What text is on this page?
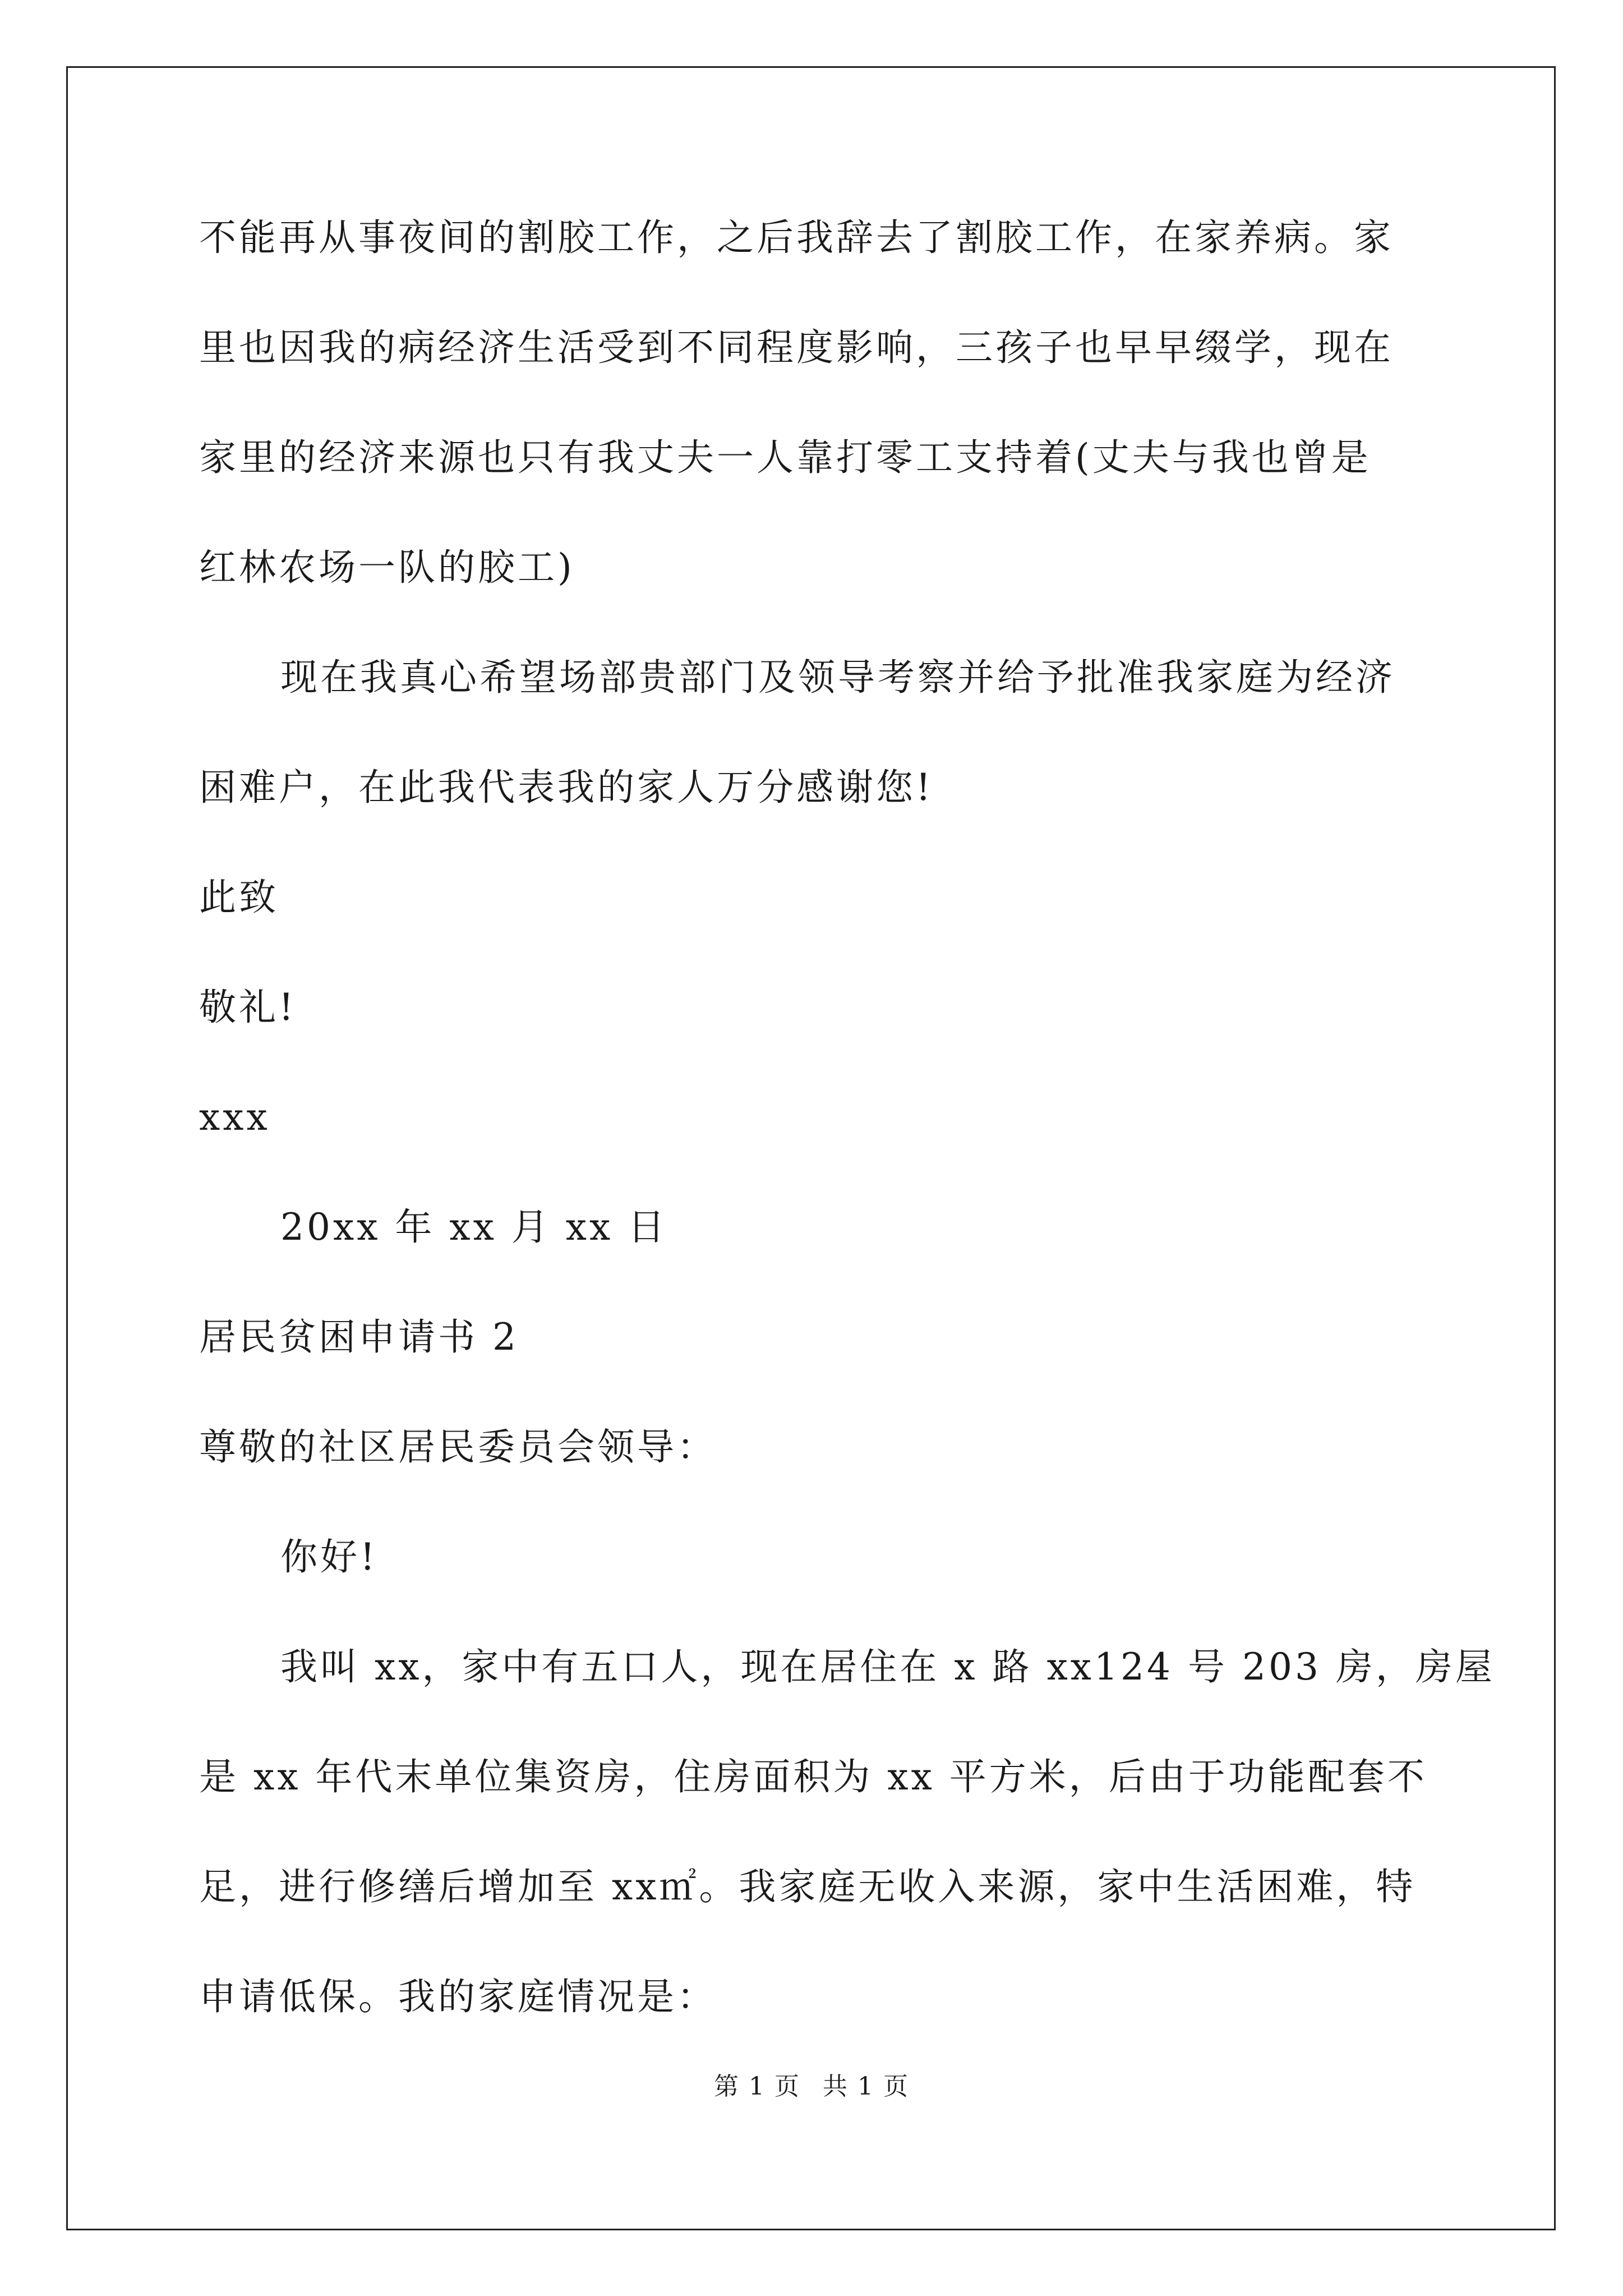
不能再从事夜间的割胶工作，之后我辞去了割胶工作，在家养病。家
里也因我的病经济生活受到不同程度影响，三孩子也早早缀学，现在
家里的经济来源也只有我丈夫一人靠打零工支持着(丈夫与我也曾是
红林农场一队的胶工)
现在我真心希望场部贵部门及领导考察并给予批准我家庭为经济
困难户，在此我代表我的家人万分感谢您!
此致
敬礼!
xxx
20xx 年 xx 月 xx 日
居民贫困申请书 2
尊敬的社区居民委员会领导：
你好!
我叫 xx，家中有五口人，现在居住在 x 路 xx124 号 203 房，房屋
是 xx 年代末单位集资房，住房面积为 xx 平方米，后由于功能配套不
足，进行修缮后增加至 xx㎡。我家庭无收入来源，家中生活困难，特
申请低保。我的家庭情况是：
第 1 页 共 1 页
